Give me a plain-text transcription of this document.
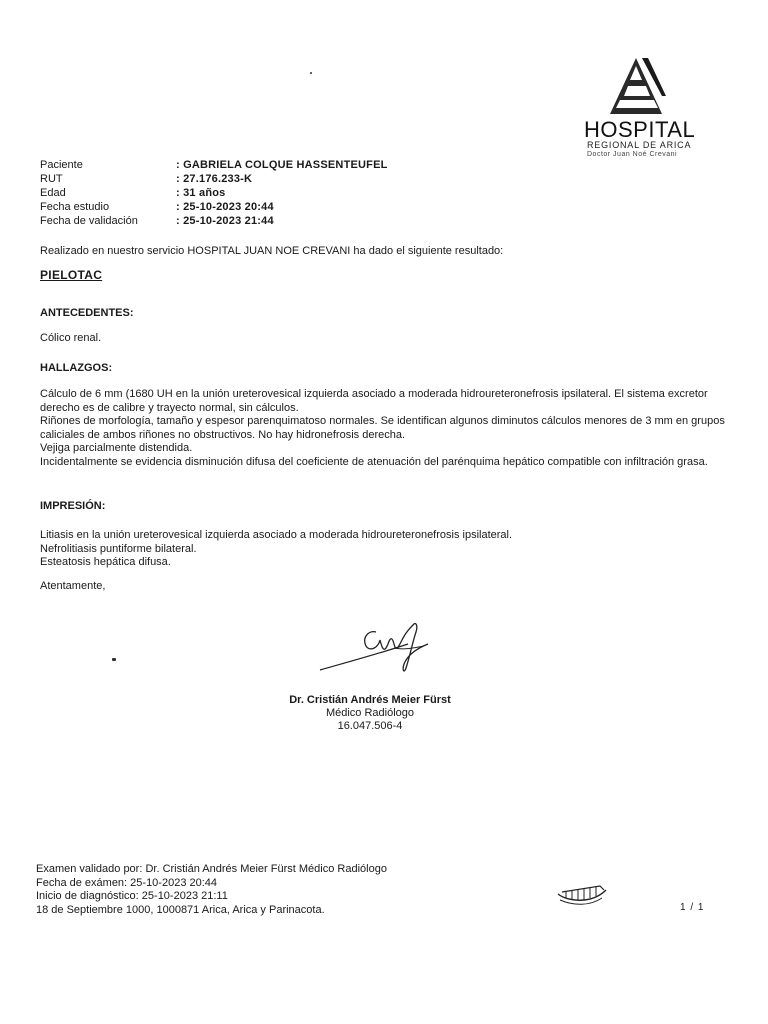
HOSPITAL
REGIONAL DE ARICA
Doctor Juan Noé Crevani
Paciente	: GABRIELA COLQUE HASSENTEUFEL
RUT	: 27.176.233-K
Edad	: 31 años
Fecha estudio	: 25-10-2023 20:44
Fecha de validación	: 25-10-2023 21:44
Realizado en nuestro servicio HOSPITAL JUAN NOE CREVANI ha dado el siguiente resultado:
PIELOTAC
ANTECEDENTES:
Cólico renal.
HALLAZGOS:
Cálculo de 6 mm (1680 UH en la unión ureterovesical izquierda asociado a moderada hidroureteronefrosis ipsilateral. El sistema excretor derecho es de calibre y trayecto normal, sin cálculos.
Riñones de morfología, tamaño y espesor parenquimatoso normales. Se identifican algunos diminutos cálculos menores de 3 mm en grupos caliciales de ambos riñones no obstructivos. No hay hidronefrosis derecha.
Vejiga parcialmente distendida.
Incidentalmente se evidencia disminución difusa del coeficiente de atenuación del parénquima hepático compatible con infiltración grasa.
IMPRESIÓN:
Litiasis en la unión ureterovesical izquierda asociado a moderada hidroureteronefrosis ipsilateral.
Nefrolitiasis puntiforme bilateral.
Esteatosis hepática difusa.
Atentamente,
Dr. Cristián Andrés Meier Fürst
Médico Radiólogo
16.047.506-4
Examen validado por: Dr. Cristián Andrés Meier Fürst Médico Radiólogo
Fecha de exámen: 25-10-2023 20:44
Inicio de diagnóstico: 25-10-2023 21:11
18 de Septiembre 1000, 1000871 Arica, Arica y Parinacota.	1 / 1
